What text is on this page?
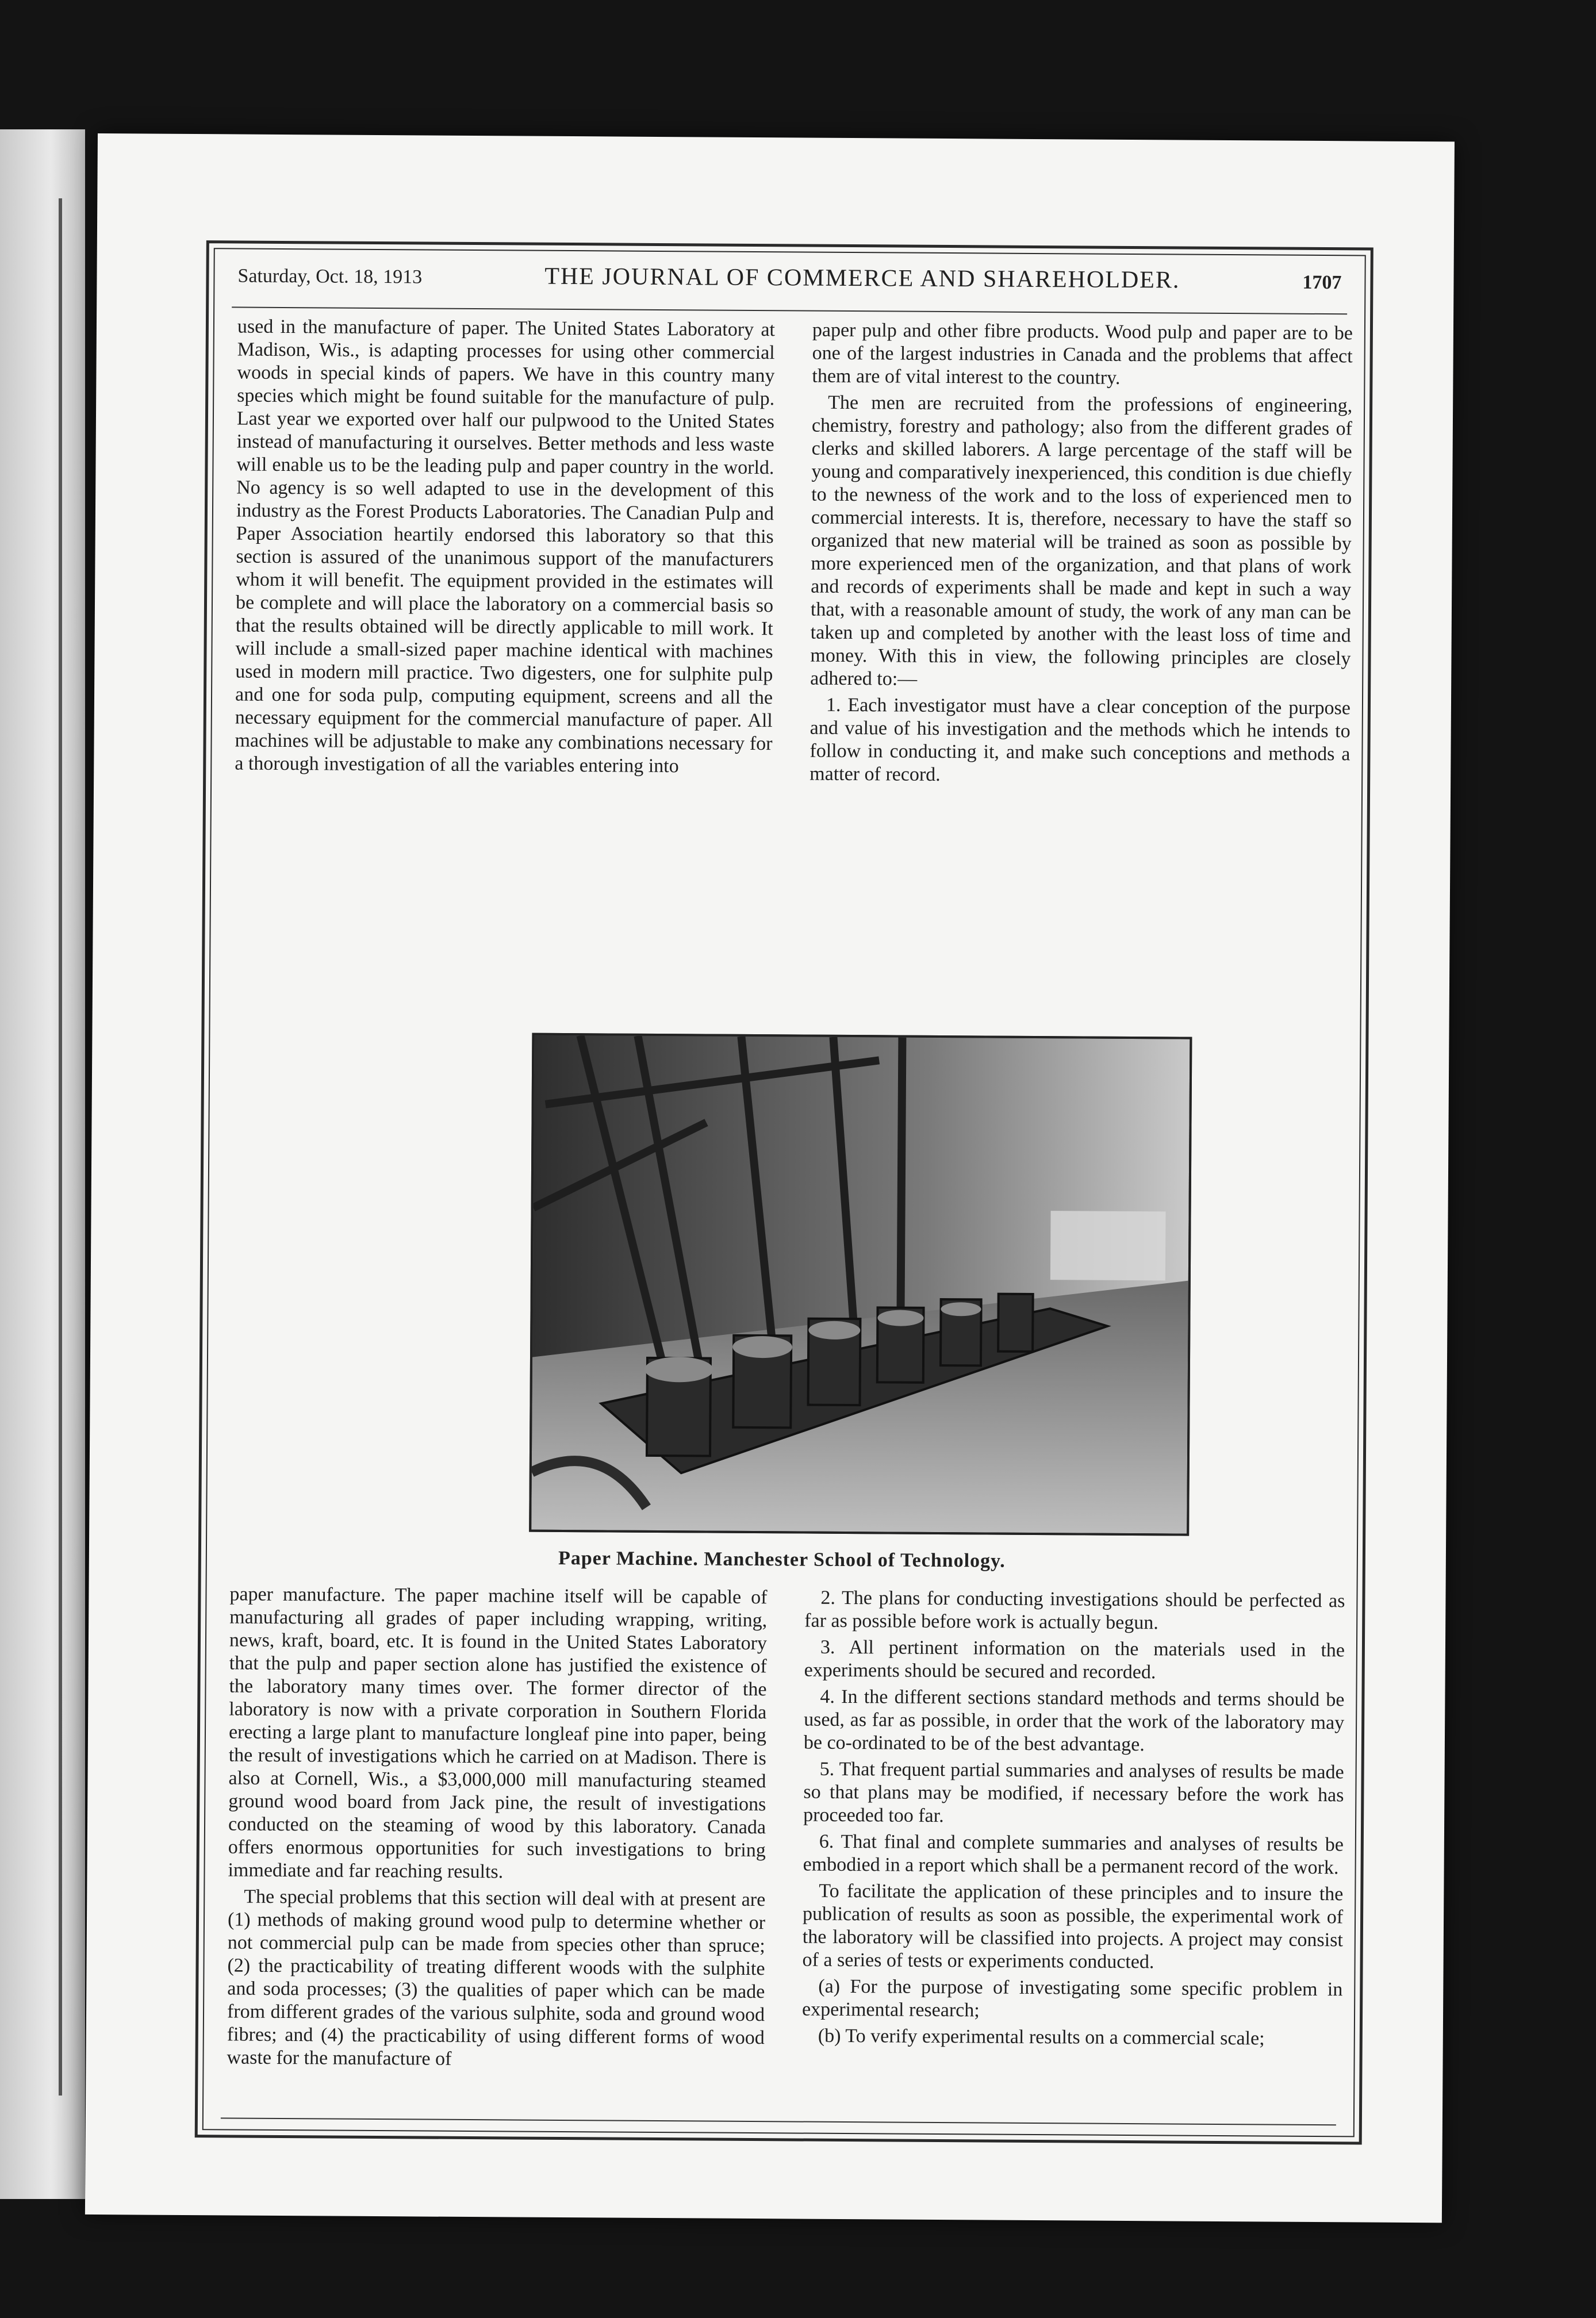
Saturday, Oct. 18, 1913	THE JOURNAL OF COMMERCE AND SHAREHOLDER.	1707

used in the manufacture of paper. The United States Laboratory at Madison, Wis., is adapting processes for using other commercial woods in special kinds of papers. We have in this country many species which might be found suitable for the manufacture of pulp. Last year we exported over half our pulpwood to the United States instead of manufacturing it ourselves. Better methods and less waste will enable us to be the leading pulp and paper country in the world. No agency is so well adapted to use in the development of this industry as the Forest Products Laboratories. The Canadian Pulp and Paper Association heartily endorsed this laboratory so that this section is assured of the unanimous support of the manufacturers whom it will benefit. The equipment provided in the estimates will be complete and will place the laboratory on a commercial basis so that the results obtained will be directly applicable to mill work. It will include a small-sized paper machine identical with machines used in modern mill practice. Two digesters, one for sulphite pulp and one for soda pulp, computing equipment, screens and all the necessary equipment for the commercial manufacture of paper. All machines will be adjustable to make any combinations necessary for a thorough investigation of all the variables entering into

paper pulp and other fibre products. Wood pulp and paper are to be one of the largest industries in Canada and the problems that affect them are of vital interest to the country.

The men are recruited from the professions of engineering, chemistry, forestry and pathology; also from the different grades of clerks and skilled laborers. A large percentage of the staff will be young and comparatively inexperienced, this condition is due chiefly to the newness of the work and to the loss of experienced men to commercial interests. It is, therefore, necessary to have the staff so organized that new material will be trained as soon as possible by more experienced men of the organization, and that plans of work and records of experiments shall be made and kept in such a way that, with a reasonable amount of study, the work of any man can be taken up and completed by another with the least loss of time and money. With this in view, the following principles are closely adhered to:—

1. Each investigator must have a clear conception of the purpose and value of his investigation and the methods which he intends to follow in conducting it, and make such conceptions and methods a matter of record.

Paper Machine. Manchester School of Technology.

paper manufacture. The paper machine itself will be capable of manufacturing all grades of paper including wrapping, writing, news, kraft, board, etc. It is found in the United States Laboratory that the pulp and paper section alone has justified the existence of the laboratory many times over. The former director of the laboratory is now with a private corporation in Southern Florida erecting a large plant to manufacture longleaf pine into paper, being the result of investigations which he carried on at Madison. There is also at Cornell, Wis., a $3,000,000 mill manufacturing steamed ground wood board from Jack pine, the result of investigations conducted on the steaming of wood by this laboratory. Canada offers enormous opportunities for such investigations to bring immediate and far reaching results.

The special problems that this section will deal with at present are (1) methods of making ground wood pulp to determine whether or not commercial pulp can be made from species other than spruce; (2) the practicability of treating different woods with the sulphite and soda processes; (3) the qualities of paper which can be made from different grades of the various sulphite, soda and ground wood fibres; and (4) the practicability of using different forms of wood waste for the manufacture of

2. The plans for conducting investigations should be perfected as far as possible before work is actually begun.

3. All pertinent information on the materials used in the experiments should be secured and recorded.

4. In the different sections standard methods and terms should be used, as far as possible, in order that the work of the laboratory may be co-ordinated to be of the best advantage.

5. That frequent partial summaries and analyses of results be made so that plans may be modified, if necessary before the work has proceeded too far.

6. That final and complete summaries and analyses of results be embodied in a report which shall be a permanent record of the work.

To facilitate the application of these principles and to insure the publication of results as soon as possible, the experimental work of the laboratory will be classified into projects. A project may consist of a series of tests or experiments conducted.

(a) For the purpose of investigating some specific problem in experimental research;

(b) To verify experimental results on a commercial scale;
